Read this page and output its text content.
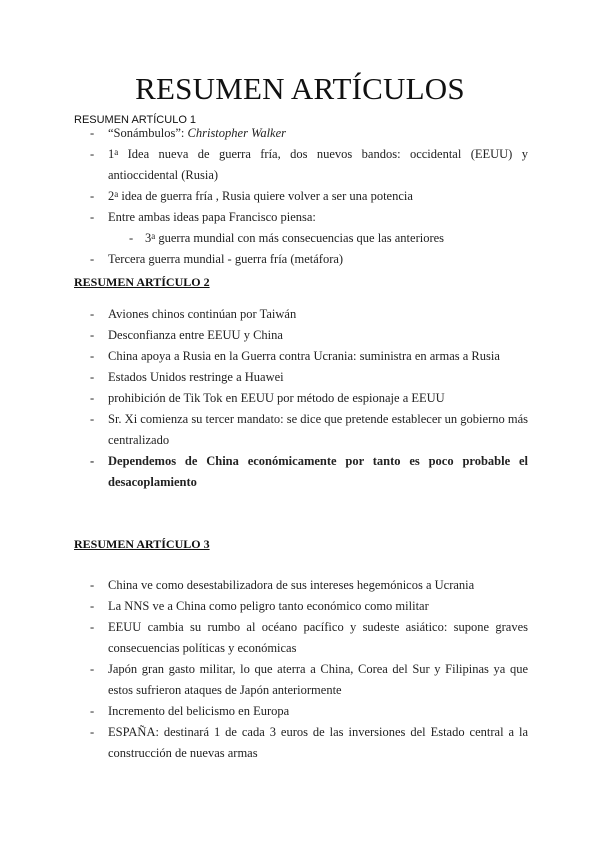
RESUMEN ARTÍCULOS
RESUMEN ARTÍCULO 1
- “Sonámbulos”: Christopher Walker
- 1$^a$ Idea nueva de guerra fría, dos nuevos bandos: occidental (EEUU) y antioccidental (Rusia)
- 2$^a$ idea de guerra fría , Rusia quiere volver a ser una potencia
- Entre ambas ideas papa Francisco piensa:
- 3$^a$ guerra mundial con más consecuencias que las anteriores
- Tercera guerra mundial - guerra fría (metáfora)
RESUMEN ARTÍCULO 2
- Aviones chinos continúan por Taiwán
- Desconfianza entre EEUU y China
- China apoya a Rusia en la Guerra contra Ucrania: suministra en armas a Rusia
- Estados Unidos restringe a Huawei
- prohibición de Tik Tok en EEUU por método de espionaje a EEUU
- Sr. Xi comienza su tercer mandato: se dice que pretende establecer un gobierno más centralizado
- Dependemos de China económicamente por tanto es poco probable el desacoplamiento
RESUMEN ARTÍCULO 3
- China ve como desestabilizadora de sus intereses hegemónicos a Ucrania
- La NNS ve a China como peligro tanto económico como militar
- EEUU cambia su rumbo al océano pacífico y sudeste asiático: supone graves consecuencias políticas y económicas
- Japón gran gasto militar, lo que aterra a China, Corea del Sur y Filipinas ya que estos sufrieron ataques de Japón anteriormente
- Incremento del belicismo en Europa
- ESPAÑA: destinará 1 de cada 3 euros de las inversiones del Estado central a la construcción de nuevas armas
